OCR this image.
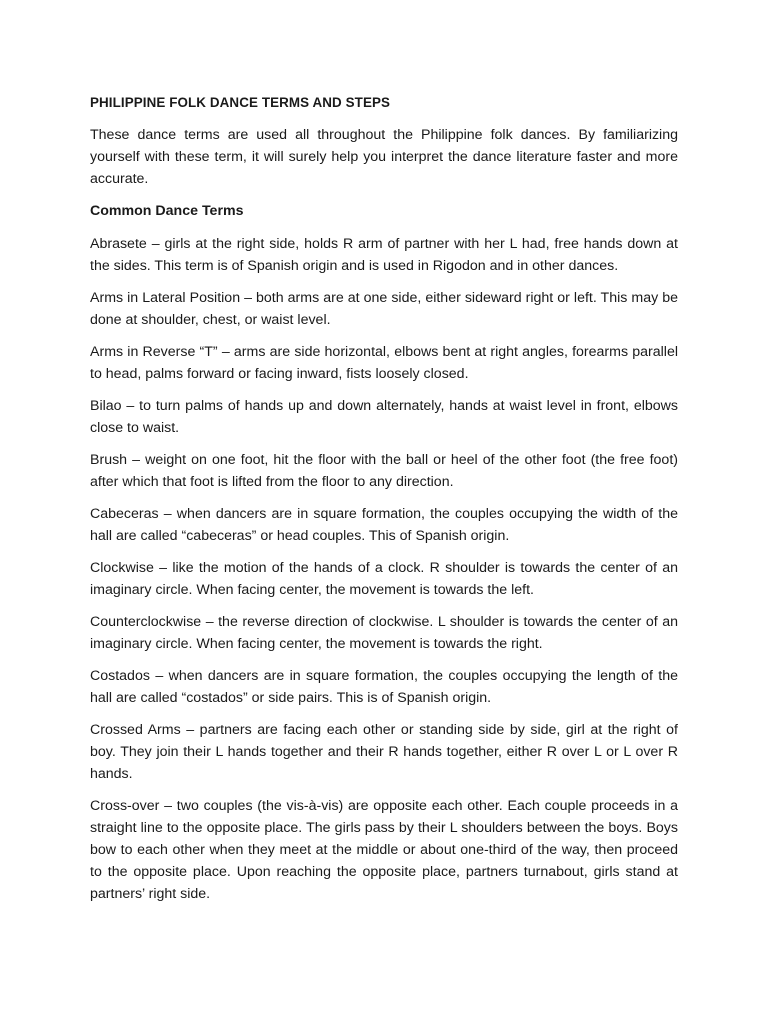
PHILIPPINE FOLK DANCE TERMS AND STEPS

These dance terms are used all throughout the Philippine folk dances. By familiarizing yourself with these term, it will surely help you interpret the dance literature faster and more accurate.

Common Dance Terms

Abrasete – girls at the right side, holds R arm of partner with her L had, free hands down at the sides. This term is of Spanish origin and is used in Rigodon and in other dances.

Arms in Lateral Position – both arms are at one side, either sideward right or left. This may be done at shoulder, chest, or waist level.

Arms in Reverse “T” – arms are side horizontal, elbows bent at right angles, forearms parallel to head, palms forward or facing inward, fists loosely closed.

Bilao – to turn palms of hands up and down alternately, hands at waist level in front, elbows close to waist.

Brush – weight on one foot, hit the floor with the ball or heel of the other foot (the free foot) after which that foot is lifted from the floor to any direction.

Cabeceras – when dancers are in square formation, the couples occupying the width of the hall are called “cabeceras” or head couples. This of Spanish origin.

Clockwise – like the motion of the hands of a clock. R shoulder is towards the center of an imaginary circle. When facing center, the movement is towards the left.

Counterclockwise – the reverse direction of clockwise. L shoulder is towards the center of an imaginary circle. When facing center, the movement is towards the right.

Costados – when dancers are in square formation, the couples occupying the length of the hall are called “costados” or side pairs. This is of Spanish origin.

Crossed Arms – partners are facing each other or standing side by side, girl at the right of boy. They join their L hands together and their R hands together, either R over L or L over R hands.

Cross-over – two couples (the vis-à-vis) are opposite each other. Each couple proceeds in a straight line to the opposite place. The girls pass by their L shoulders between the boys. Boys bow to each other when they meet at the middle or about one-third of the way, then proceed to the opposite place. Upon reaching the opposite place, partners turnabout, girls stand at partners’ right side.
